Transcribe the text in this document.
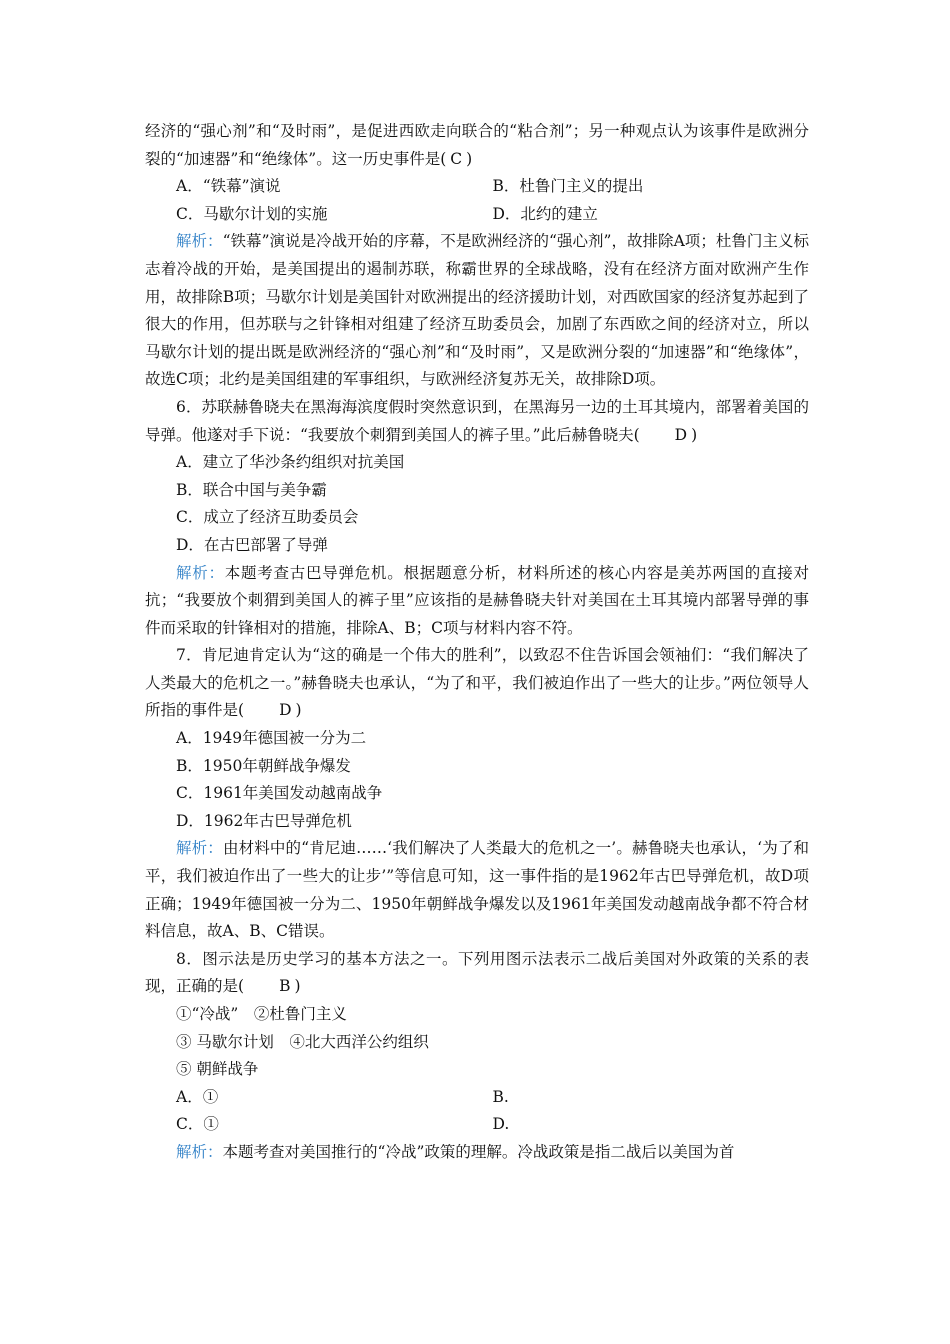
经济的“强心剂”和“及时雨”，是促进西欧走向联合的“粘合剂”；另一种观点认为该事件是欧洲分裂的“加速器”和“绝缘体”。这一历史事件是( C )

A．“铁幕”演说	B．杜鲁门主义的提出
C．马歇尔计划的实施	D．北约的建立

解析：“铁幕”演说是冷战开始的序幕，不是欧洲经济的“强心剂”，故排除A项；杜鲁门主义标志着冷战的开始，是美国提出的遏制苏联，称霸世界的全球战略，没有在经济方面对欧洲产生作用，故排除B项；马歇尔计划是美国针对欧洲提出的经济援助计划，对西欧国家的经济复苏起到了很大的作用，但苏联与之针锋相对组建了经济互助委员会，加剧了东西欧之间的经济对立，所以马歇尔计划的提出既是欧洲经济的“强心剂”和“及时雨”，又是欧洲分裂的“加速器”和“绝缘体”，故选C项；北约是美国组建的军事组织，与欧洲经济复苏无关，故排除D项。

6．苏联赫鲁晓夫在黑海海滨度假时突然意识到，在黑海另一边的土耳其境内，部署着美国的导弹。他遂对手下说：“我要放个刺猬到美国人的裤子里。”此后赫鲁晓夫( D )

A．建立了华沙条约组织对抗美国
B．联合中国与美争霸
C．成立了经济互助委员会
D．在古巴部署了导弹

解析：本题考查古巴导弹危机。根据题意分析，材料所述的核心内容是美苏两国的直接对抗；“我要放个刺猬到美国人的裤子里”应该指的是赫鲁晓夫针对美国在土耳其境内部署导弹的事件而采取的针锋相对的措施，排除A、B；C项与材料内容不符。

7．肯尼迪肯定认为“这的确是一个伟大的胜利”，以致忍不住告诉国会领袖们：“我们解决了人类最大的危机之一。”赫鲁晓夫也承认，“为了和平，我们被迫作出了一些大的让步。”两位领导人所指的事件是( D )

A．1949年德国被一分为二
B．1950年朝鲜战争爆发
C．1961年美国发动越南战争
D．1962年古巴导弹危机

解析：由材料中的“肯尼迪……‘我们解决了人类最大的危机之一’。赫鲁晓夫也承认，‘为了和平，我们被迫作出了一些大的让步’”等信息可知，这一事件指的是1962年古巴导弹危机，故D项正确；1949年德国被一分为二、1950年朝鲜战争爆发以及1961年美国发动越南战争都不符合材料信息，故A、B、C错误。

8．图示法是历史学习的基本方法之一。下列用图示法表示二战后美国对外政策的关系的表现，正确的是( B )

①“冷战”　②杜鲁门主义
③ 马歇尔计划　④北大西洋公约组织
⑤ 朝鲜战争
A．①	B.
C．①	D.

解析：本题考查对美国推行的“冷战”政策的理解。冷战政策是指二战后以美国为首
